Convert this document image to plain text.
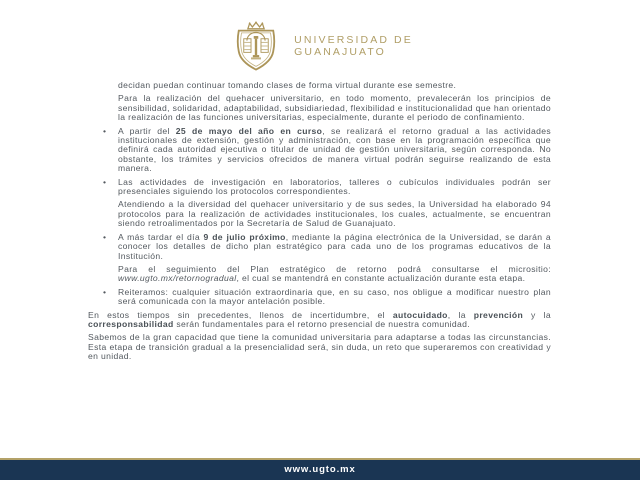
UNIVERSIDAD DE
GUANAJUATO
decidan puedan continuar tomando clases de forma virtual durante ese semestre.
Para la realización del quehacer universitario, en todo momento, prevalecerán los principios de sensibilidad, solidaridad, adaptabilidad, subsidiariedad, flexibilidad e institucionalidad que han orientado la realización de las funciones universitarias, especialmente, durante el periodo de confinamiento.
• A partir del 25 de mayo del año en curso, se realizará el retorno gradual a las actividades institucionales de extensión, gestión y administración, con base en la programación específica que definirá cada autoridad ejecutiva o titular de unidad de gestión universitaria, según corresponda. No obstante, los trámites y servicios ofrecidos de manera virtual podrán seguirse realizando de esta manera.
• Las actividades de investigación en laboratorios, talleres o cubículos individuales podrán ser presenciales siguiendo los protocolos correspondientes.
Atendiendo a la diversidad del quehacer universitario y de sus sedes, la Universidad ha elaborado 94 protocolos para la realización de actividades institucionales, los cuales, actualmente, se encuentran siendo retroalimentados por la Secretaría de Salud de Guanajuato.
• A más tardar el día 9 de julio próximo, mediante la página electrónica de la Universidad, se darán a conocer los detalles de dicho plan estratégico para cada uno de los programas educativos de la Institución.
Para el seguimiento del Plan estratégico de retorno podrá consultarse el micrositio: www.ugto.mx/retornogradual, el cual se mantendrá en constante actualización durante esta etapa.
• Reiteramos: cualquier situación extraordinaria que, en su caso, nos obligue a modificar nuestro plan será comunicada con la mayor antelación posible.
En estos tiempos sin precedentes, llenos de incertidumbre, el autocuidado, la prevención y la corresponsabilidad serán fundamentales para el retorno presencial de nuestra comunidad.
Sabemos de la gran capacidad que tiene la comunidad universitaria para adaptarse a todas las circunstancias. Esta etapa de transición gradual a la presencialidad será, sin duda, un reto que superaremos con creatividad y en unidad.
www.ugto.mx
